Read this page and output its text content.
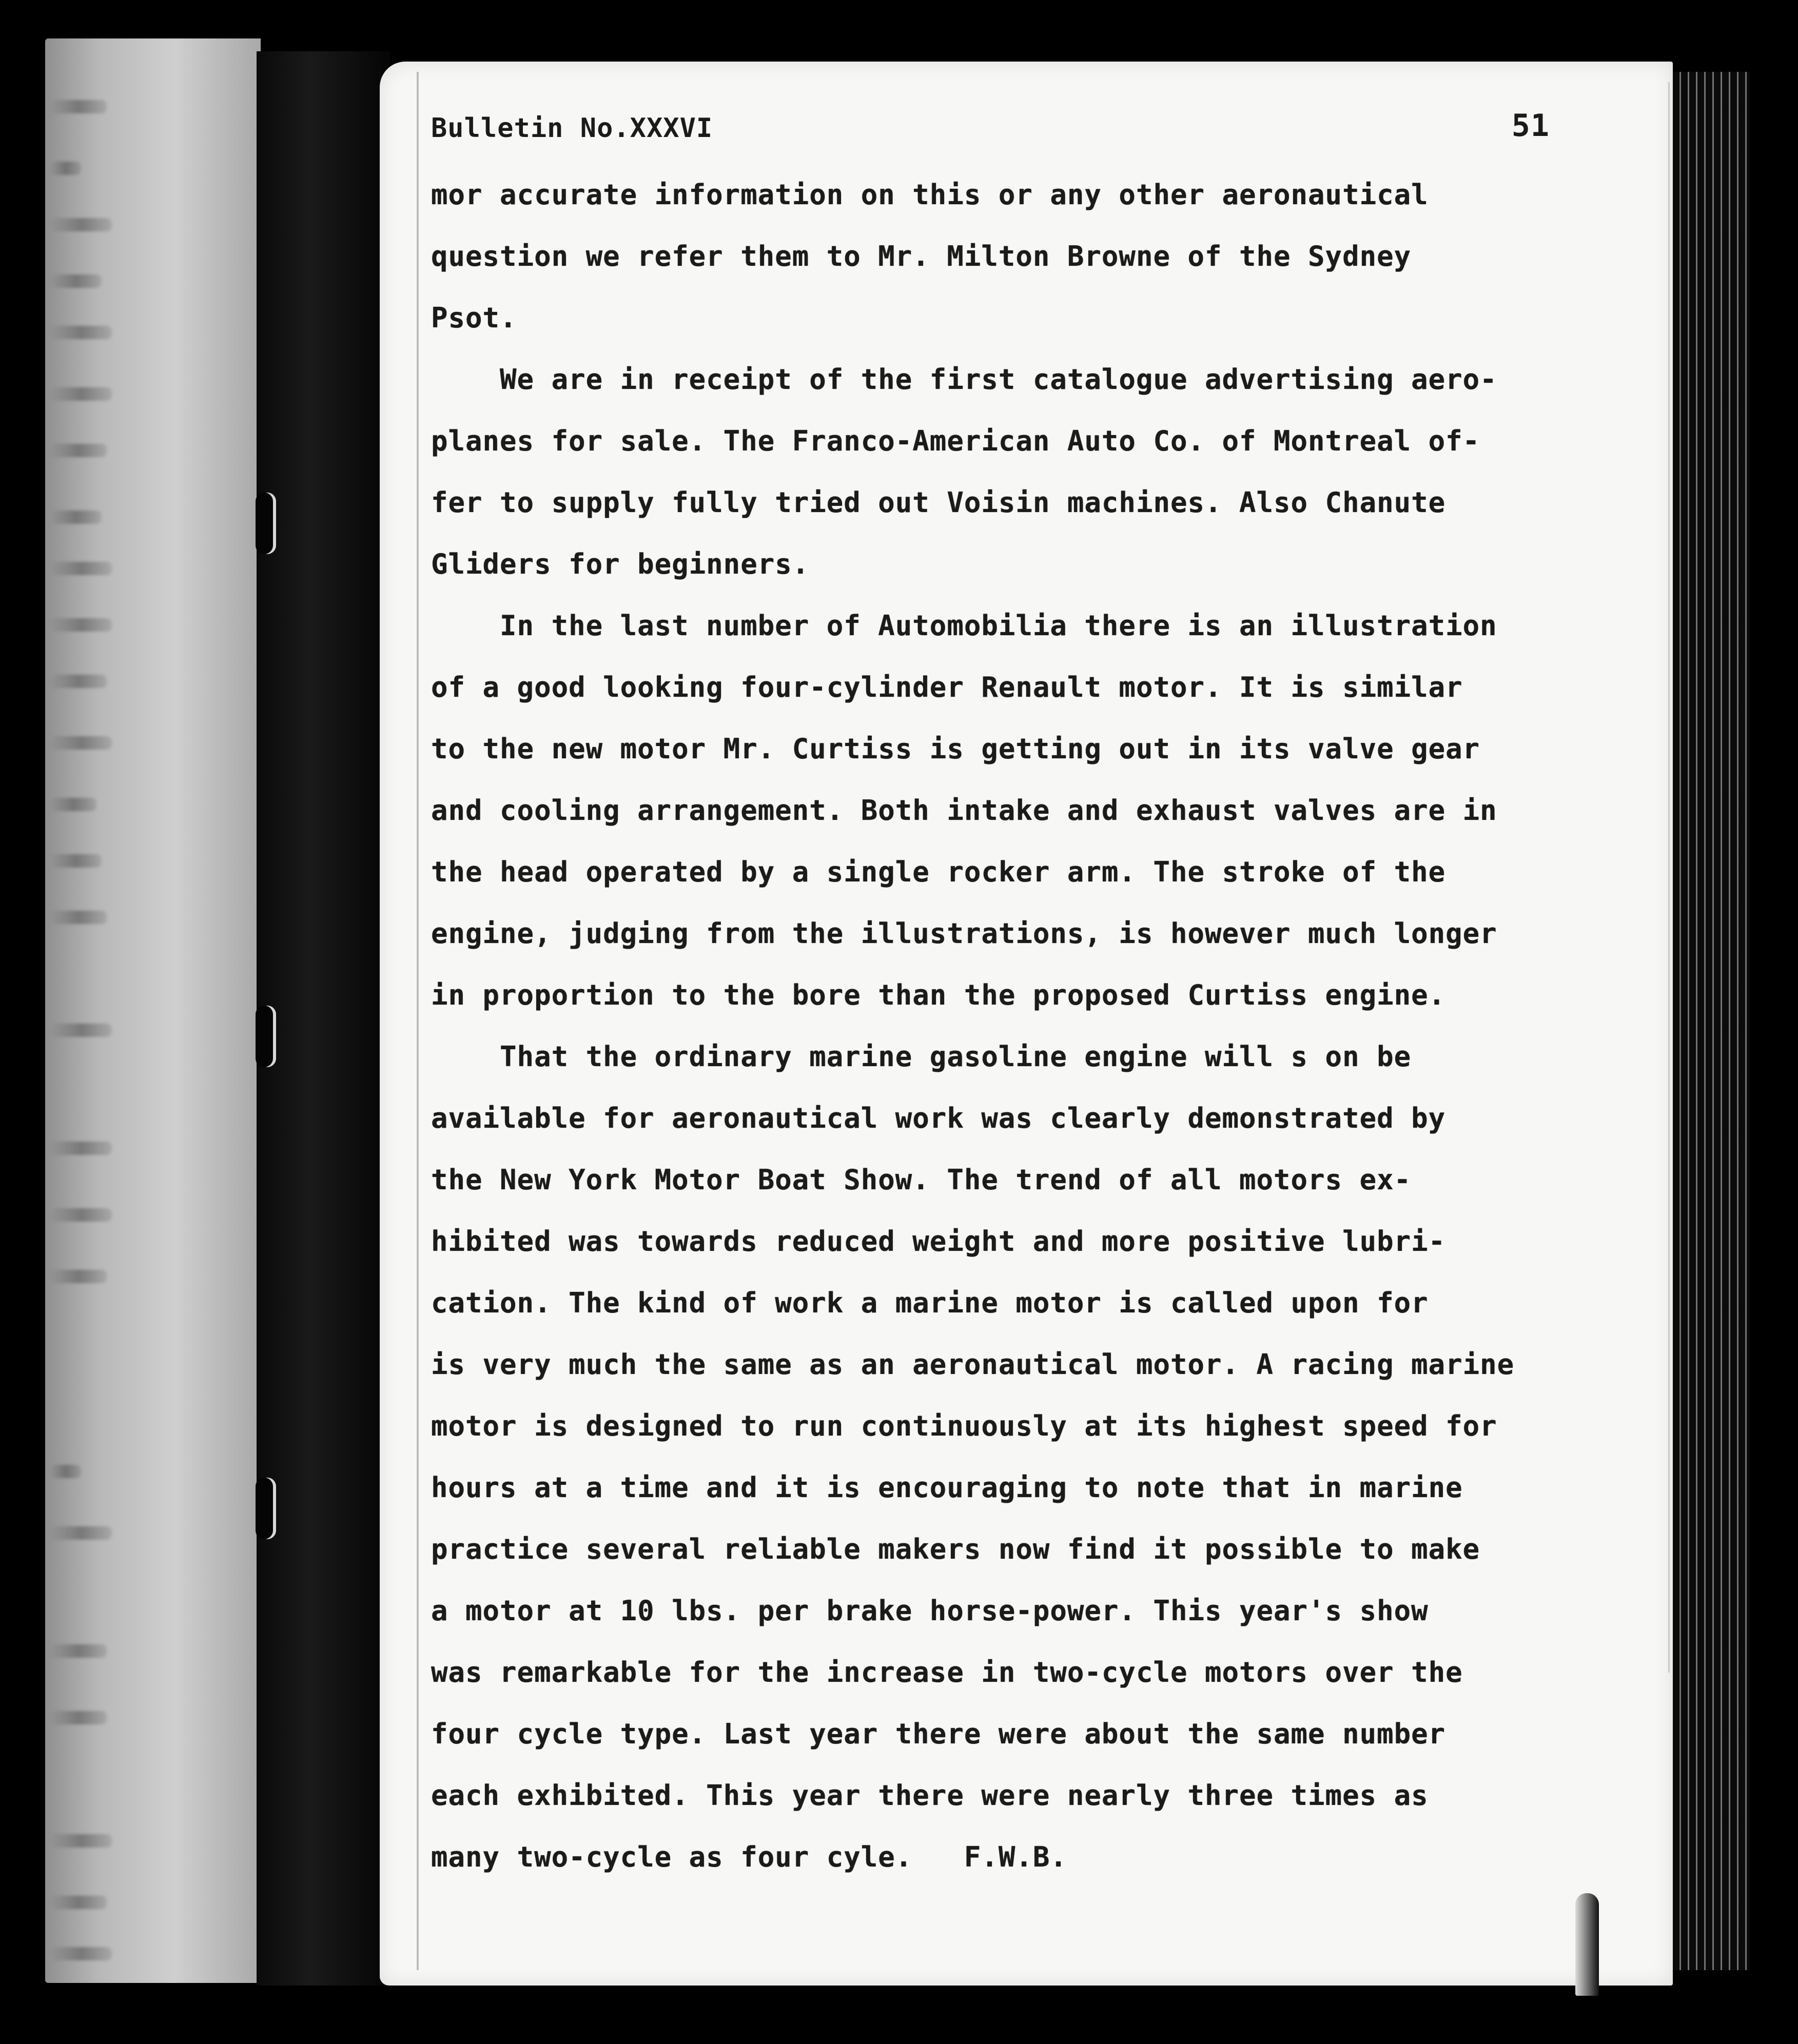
Bulletin No.XXXVI	51
mor accurate information on this or any other aeronautical
question we refer them to Mr. Milton Browne of the Sydney
Psot.
We are in receipt of the first catalogue advertising aero-
planes for sale. The Franco-American Auto Co. of Montreal of-
fer to supply fully tried out Voisin machines. Also Chanute
Gliders for beginners.
In the last number of Automobilia there is an illustration
of a good looking four-cylinder Renault motor. It is similar
to the new motor Mr. Curtiss is getting out in its valve gear
and cooling arrangement. Both intake and exhaust valves are in
the head operated by a single rocker arm. The stroke of the
engine, judging from the illustrations, is however much longer
in proportion to the bore than the proposed Curtiss engine.
That the ordinary marine gasoline engine will s on be
available for aeronautical work was clearly demonstrated by
the New York Motor Boat Show. The trend of all motors ex-
hibited was towards reduced weight and more positive lubri-
cation. The kind of work a marine motor is called upon for
is very much the same as an aeronautical motor. A racing marine
motor is designed to run continuously at its highest speed for
hours at a time and it is encouraging to note that in marine
practice several reliable makers now find it possible to make
a motor at 10 lbs. per brake horse-power. This year's show
was remarkable for the increase in two-cycle motors over the
four cycle type. Last year there were about the same number
each exhibited. This year there were nearly three times as
many two-cycle as four cyle.   F.W.B.
